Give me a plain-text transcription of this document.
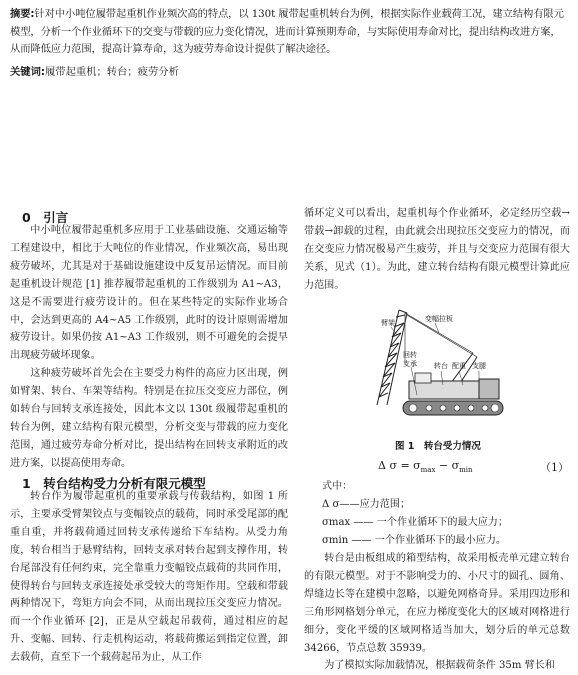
摘要:针对中小吨位履带起重机作业频次高的特点，以 130t 履带起重机转台为例，根据实际作业载荷工况，建立结构有限元模型，分析一个作业循环下的交变与带载的应力变化情况，进而计算预期寿命，与实际使用寿命对比，提出结构改进方案，从而降低应力范围，提高计算寿命，这为疲劳寿命设计提供了解决途径。
关键词:履带起重机；转台；疲劳分析
0　引言

中小吨位履带起重机多应用于工业基础设施、交通运输等工程建设中，相比于大吨位的作业情况，作业频次高，易出现疲劳破坏，尤其是对于基础设施建设中反复吊运情况。而目前起重机设计规范 [1] 推荐履带起重机的工作级别为 A1~A3，这是不需要进行疲劳设计的。但在某些特定的实际作业场合中，会达到更高的 A4~A5 工作级别，此时的设计原则需增加疲劳设计。如果仍按 A1~A3 工作级别，则不可避免的会提早出现疲劳破坏现象。

这种疲劳破坏首先会在主要受力构件的高应力区出现，例如臂架、转台、车架等结构。特别是在拉压交变应力部位，例如转台与回转支承连接处，因此本文以 130t 级履带起重机的转台为例，建立结构有限元模型，分析交变与带载的应力变化范围，通过疲劳寿命分析对比，提出结构在回转支承附近的改进方案，以提高使用寿命。

1　转台结构受力分析有限元模型

转台作为履带起重机的重要承载与传载结构，如图 1 所示，主要承受臂架铰点与变幅铰点的载荷，同时承受尾部的配重自重，并将载荷通过回转支承传递给下车结构。从受力角度，转台相当于悬臂结构，回转支承对转台起到支撑作用，转台尾部没有任何约束，完全靠重力变幅铰点载荷的共同作用，使得转台与回转支承连接处承受较大的弯矩作用。空载和带载两种情况下，弯矩方向会不同，从而出现拉压交变应力情况。而一个作业循环 [2]，正是从空载起吊载荷，通过相应的起升、变幅、回转、行走机构运动，将载荷搬运到指定位置，卸去载荷，直至下一个载荷起吊为止，从工作

循环定义可以看出，起重机每个作业循环，必定经历空载→带载→卸载的过程，由此就会出现拉压交变应力的情况，而在交变应力情况极易产生疲劳，并且与交变应力范围有很大关系，见式（1）。为此，建立转台结构有限元模型计算此应力范围。

臂架	变幅拉板
回转
支承 转台 配重 支腿
图 1　转台受力情况
Δ $\sigma = \sigma_{max} - \sigma_{min}$	（1）
式中：
Δ σ——应力范围；
σmax —— 一个作业循环下的最大应力；
σmin —— 一个作业循环下的最小应力。

转台是由板组成的箱型结构，故采用板壳单元建立转台的有限元模型。对于不影响受力的、小尺寸的圆孔、圆角、焊缝边长等在建模中忽略，以避免网格奇异。采用四边形和三角形网格划分单元，在应力梯度变化大的区域对网格进行细分，变化平缓的区域网格适当加大，划分后的单元总数 34266，节点总数 35939。

为了模拟实际加载情况，根据载荷条件 35m 臂长和
